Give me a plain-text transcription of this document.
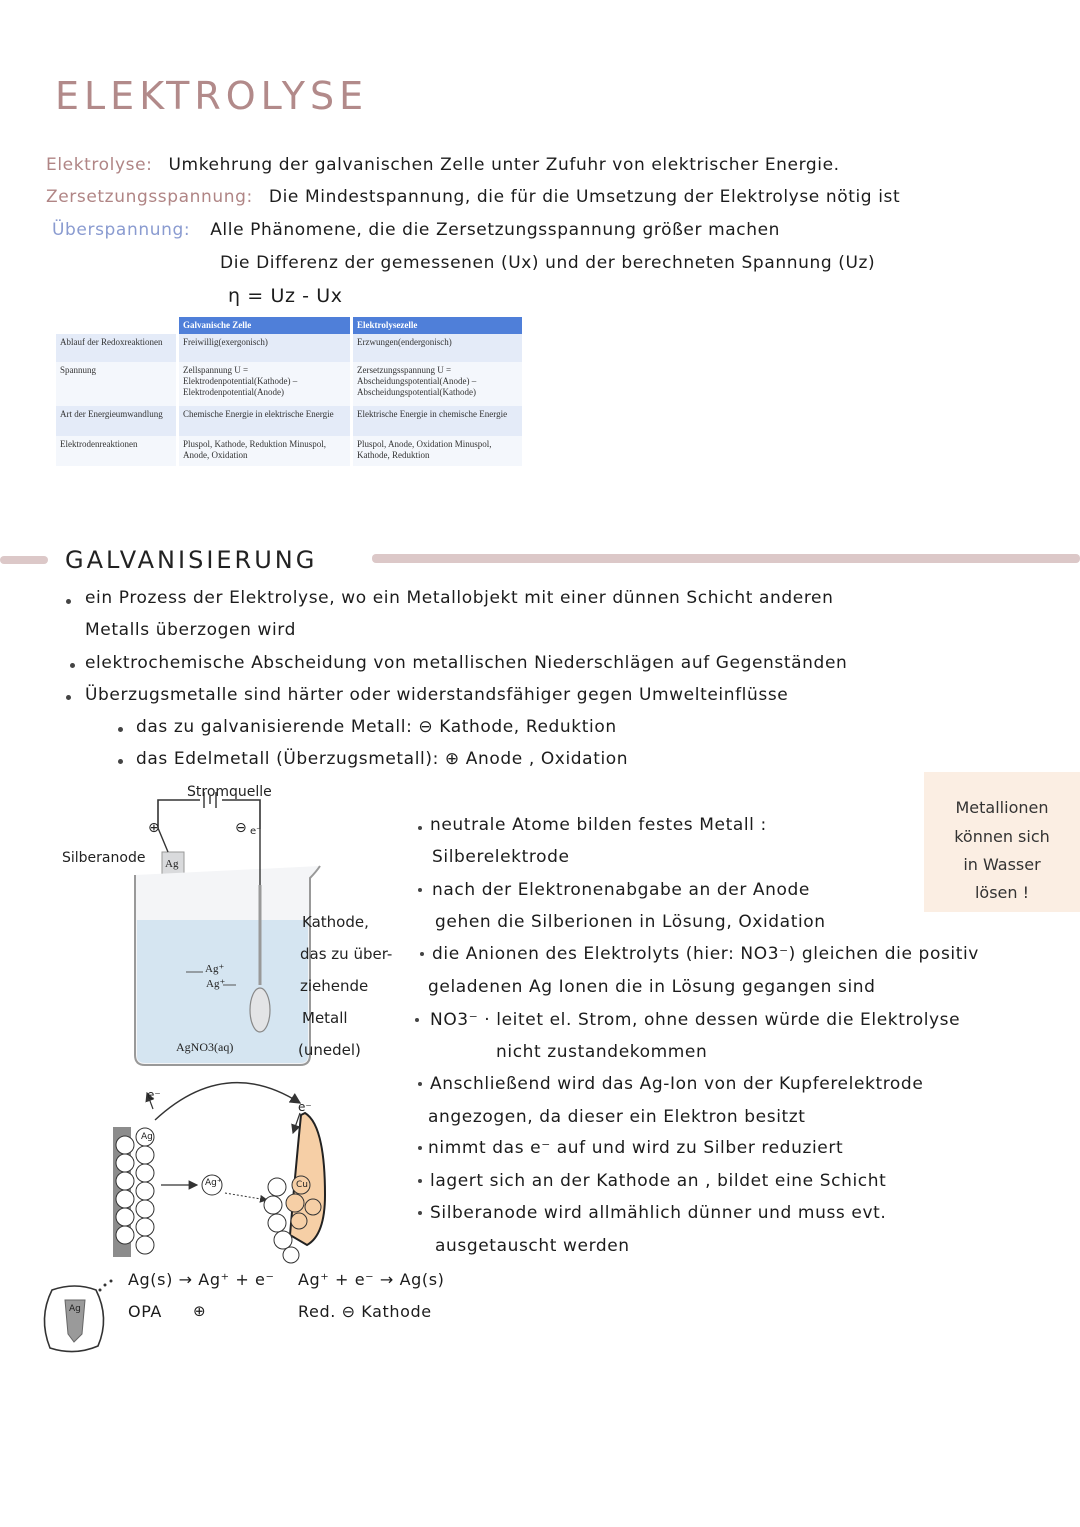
ELEKTROLYSE
Elektrolyse: Umkehrung der galvanischen Zelle unter Zufuhr von elektrischer Energie.
Zersetzungsspannung: Die Mindestspannung, die für die Umsetzung der Elektrolyse nötig ist
Überspannung: Alle Phänomene, die die Zersetzungsspannung größer machen
Die Differenz der gemessenen (Ux) und der berechneten Spannung (Uz)
η = Uz - Ux
	Galvanische Zelle	Elektrolysezelle
Ablauf der Redoxreaktionen	Freiwillig(exergonisch)	Erzwungen(endergonisch)
Spannung	Zellspannung U = Elektrodenpotential(Kathode) – Elektrodenpotential(Anode)	Zersetzungsspannung U = Abscheidungspotential(Anode) – Abscheidungspotential(Kathode)
Art der Energieumwandlung	Chemische Energie in elektrische Energie	Elektrische Energie in chemische Energie
Elektrodenreaktionen	Pluspol, Kathode, Reduktion Minuspol, Anode, Oxidation	Pluspol, Anode, Oxidation Minuspol, Kathode, Reduktion
GALVANISIERUNG
ein Prozess der Elektrolyse, wo ein Metallobjekt mit einer dünnen Schicht anderen
Metalls überzogen wird
elektrochemische Abscheidung von metallischen Niederschlägen auf Gegenständen
Überzugsmetalle sind härter oder widerstandsfähiger gegen Umwelteinflüsse
das zu galvanisierende Metall: ⊖ Kathode, Reduktion
das Edelmetall (Überzugsmetall): ⊕ Anode , Oxidation
Stromquelle
⊕	⊖ e⁻
Silberanode Ag
Ag⁺
Ag⁺
AgNO3(aq)
Kathode,
das zu über-
ziehende
Metall
(unedel)
neutrale Atome bilden festes Metall :
Silberelektrode
nach der Elektronenabgabe an der Anode
gehen die Silberionen in Lösung, Oxidation
die Anionen des Elektrolyts (hier: NO3⁻) gleichen die positiv
geladenen Ag Ionen die in Lösung gegangen sind
NO3⁻ · leitet el. Strom, ohne dessen würde die Elektrolyse
nicht zustandekommen
Anschließend wird das Ag-Ion von der Kupferelektrode
angezogen, da dieser ein Elektron besitzt
nimmt das e⁻ auf und wird zu Silber reduziert
lagert sich an der Kathode an , bildet eine Schicht
Silberanode wird allmählich dünner und muss evt.
ausgetauscht werden
Metallionen
können sich
in Wasser
lösen !
e⁻
e⁻
Ag⁺
Ag
Cu
Ag
Ag(s) → Ag⁺ + e⁻
OPA ⊕
Ag⁺ + e⁻ → Ag(s)
Red. ⊖ Kathode
